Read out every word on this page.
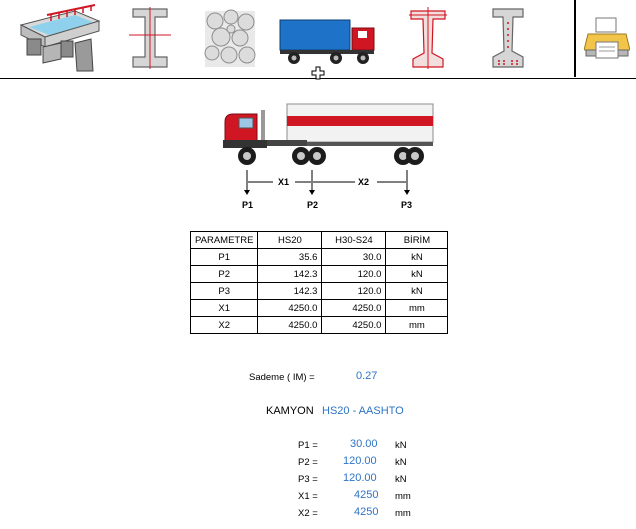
X1	X2
P1	P2	P3
PARAMETRE	HS20	H30-S24	BİRİM
P1	35.6	30.0	kN
P2	142.3	120.0	kN
P3	142.3	120.0	kN
X1	4250.0	4250.0	mm
X2	4250.0	4250.0	mm
Sademe ( IM) =	0.27
KAMYON HS20 - AASHTO
P1 =	30.00 kN
P2 = 120.00 kN
P3 = 120.00 kN
X1 =	4250 mm
X2 =	4250 mm
